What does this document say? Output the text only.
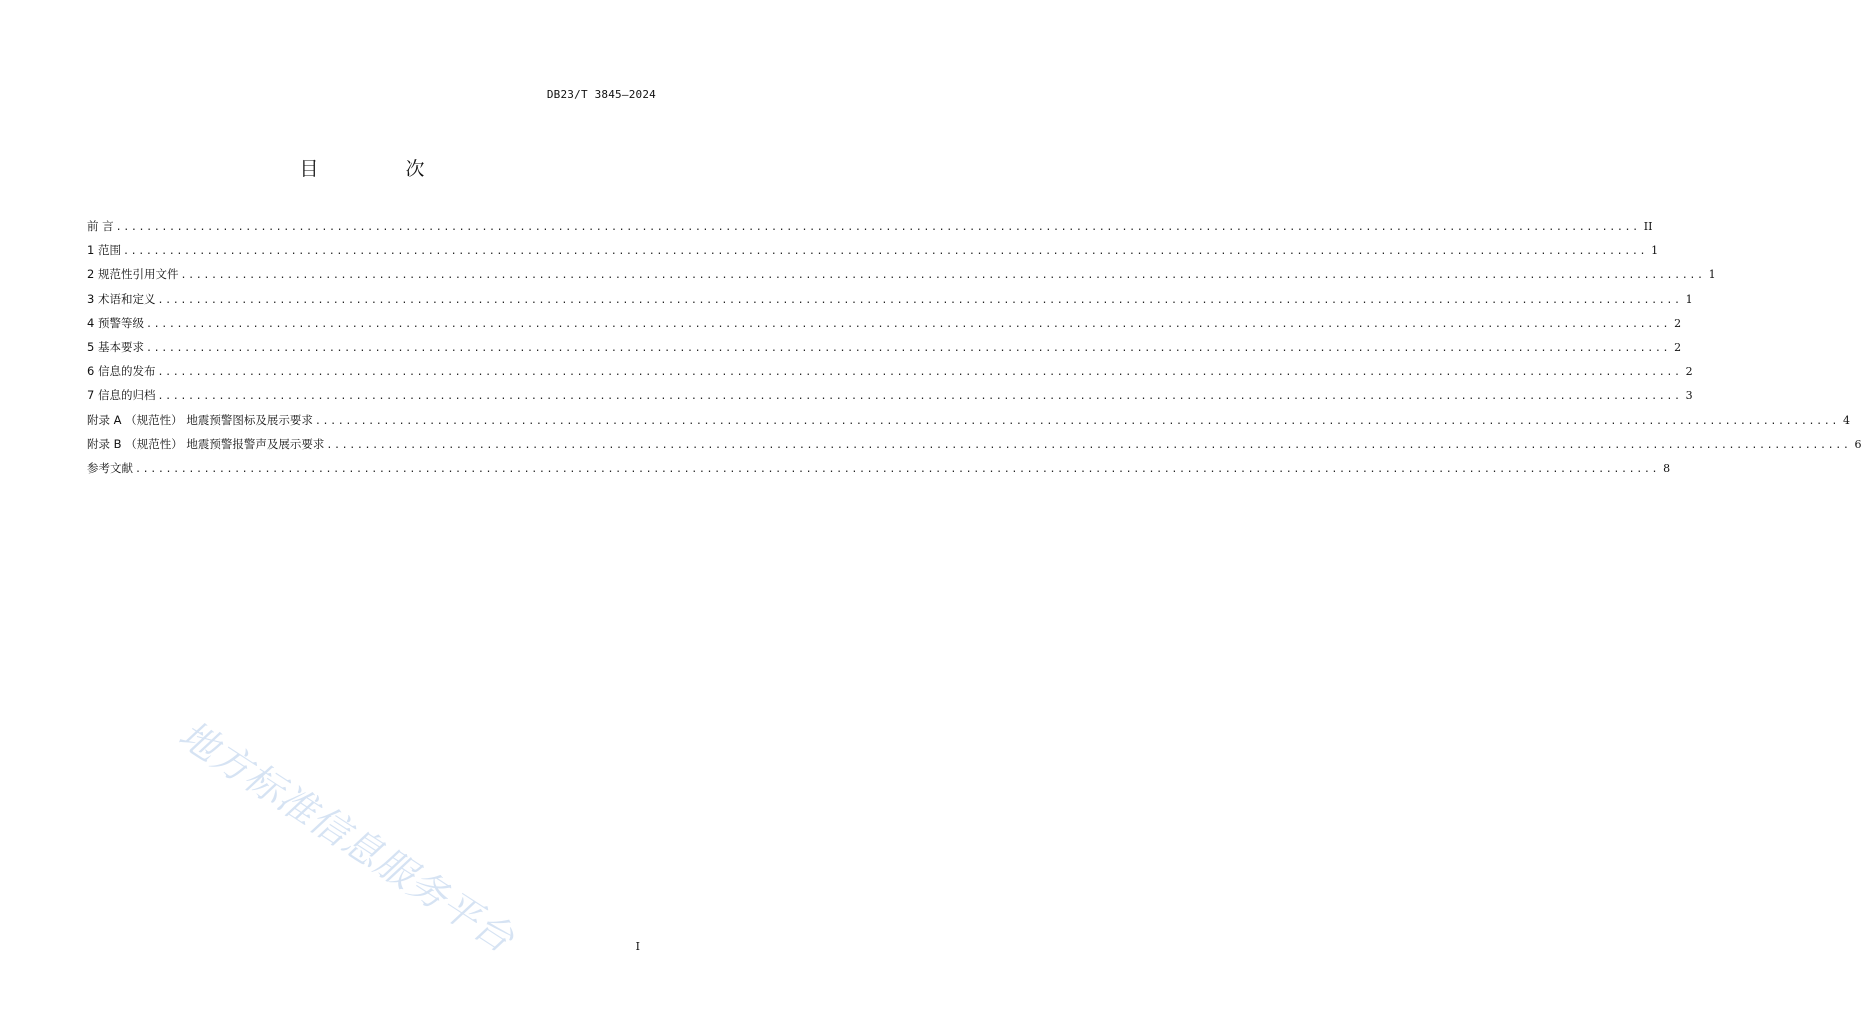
DB23/T 3845—2024
目　次
前 言 ........................................................................................................................................................................................................ II
1 范围 ........................................................................................................................................................................................................ 1
2 规范性引用文件 ........................................................................................................................................................................................................ 1
3 术语和定义 ........................................................................................................................................................................................................ 1
4 预警等级 ........................................................................................................................................................................................................ 2
5 基本要求 ........................................................................................................................................................................................................ 2
6 信息的发布 ........................................................................................................................................................................................................ 2
7 信息的归档 ........................................................................................................................................................................................................ 3
附录 A （规范性） 地震预警图标及展示要求 ........................................................................................................................................................................................................ 4
附录 B （规范性） 地震预警报警声及展示要求 ........................................................................................................................................................................................................ 6
参考文献 ........................................................................................................................................................................................................ 8
地方标准信息服务平台	I
